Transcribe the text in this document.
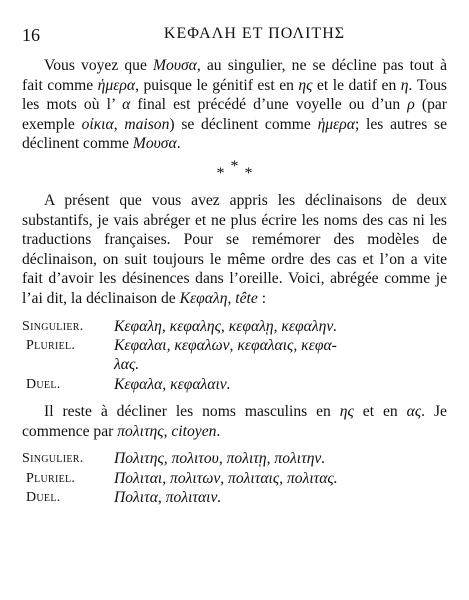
16	ΚΕΦΑΛΗ ΕΤ ΠΟΛΙΤΗΣ

Vous voyez que Μουσα, au singulier, ne se décline pas tout à fait comme ἡμερα, puisque le génitif est en ης et le datif en η. Tous les mots où l’ α final est précédé d’une voyelle ou d’un ρ (par exemple οἰκια, maison) se déclinent comme ἡμερα; les autres se déclinent comme Μουσα.

* * *

A présent que vous avez appris les déclinaisons de deux substantifs, je vais abréger et ne plus écrire les noms des cas ni les traductions françaises. Pour se remémorer des modèles de déclinaison, on suit toujours le même ordre des cas et l’on a vite fait d’avoir les désinences dans l’oreille. Voici, abrégée comme je l’ai dit, la déclinaison de Κεφαλη, tête :

Singulier.	Κεφαλη, κεφαλης, κεφαλῃ, κεφαλην.
Pluriel.	Κεφαλαι, κεφαλων, κεφαλαις, κεφα-
λας.
Duel.	Κεφαλα, κεφαλαιν.

Il reste à décliner les noms masculins en ης et en ας. Je commence par πολιτης, citoyen.

Singulier.	Πολιτης, πολιτου, πολιτῃ, πολιτην.
Pluriel.	Πολιται, πολιτων, πολιταις, πολιτας.
Duel.	Πολιτα, πολιταιν.
